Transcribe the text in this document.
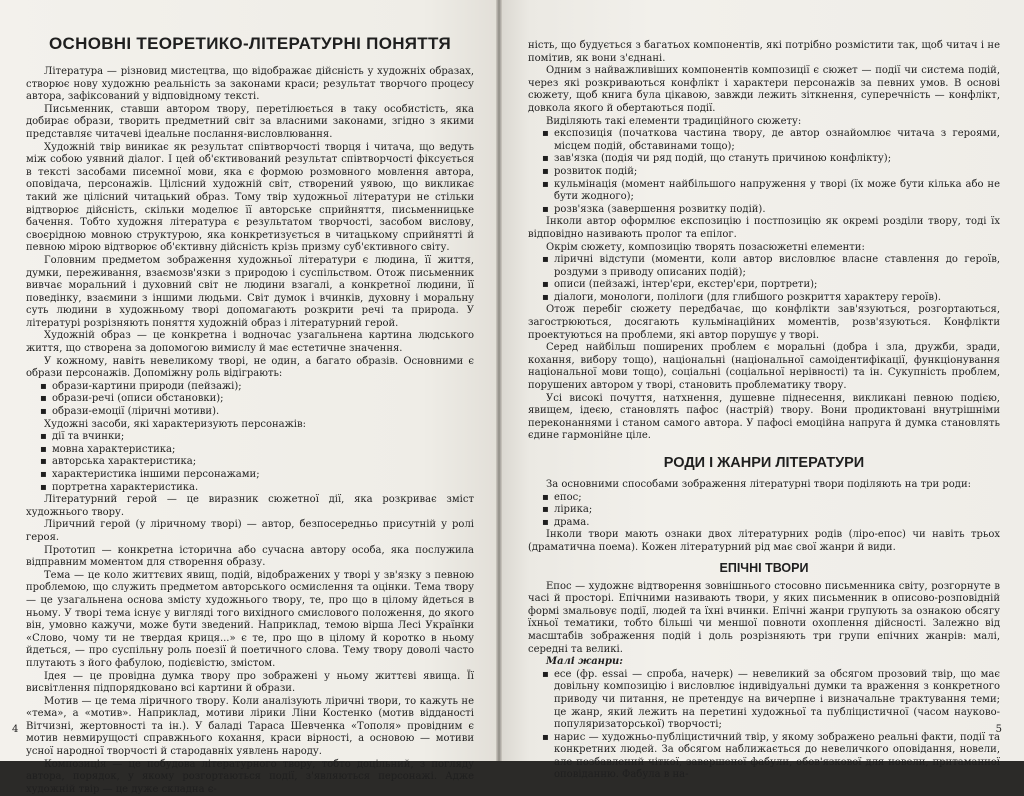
ОСНОВНІ ТЕОРЕТИКО-ЛІТЕРАТУРНІ ПОНЯТТЯ

Література — різновид мистецтва, що відображає дійсність у художніх образах, створює нову художню реальність за законами краси; результат творчого процесу автора, зафіксований у відповідному тексті.

Письменник, ставши автором твору, перетілюється в таку особистість, яка добирає образи, творить предметний світ за власними законами, згідно з якими представляє читачеві ідеальне послання-висловлювання.

Художній твір виникає як результат співтворчості творця і читача, що ведуть між собою уявний діалог. І цей об'єктивований результат співтворчості фіксується в тексті засобами писемної мови, яка є формою розмовного мовлення автора, оповідача, персонажів. Цілісний художній світ, створений уявою, що викликає такий же цілісний читацький образ. Тому твір художньої літератури не стільки відтворює дійсність, скільки моделює її авторське сприйняття, письменницьке бачення. Тобто художня література є результатом творчості, засобом вислову, своєрідною мовною структурою, яка конкретизується в читацькому сприйнятті й певною мірою відтворює об'єктивну дійсність крізь призму суб'єктивного світу.

Головним предметом зображення художньої літератури є людина, її життя, думки, переживання, взаємозв'язки з природою і суспільством. Отож письменник вивчає моральний і духовний світ не людини взагалі, а конкретної людини, її поведінку, взаємини з іншими людьми. Світ думок і вчинків, духовну і моральну суть людини в художньому творі допомагають розкрити речі та природа. У літературі розрізняють поняття художній образ і літературний герой.

Художній образ — це конкретна і водночас узагальнена картина людського життя, що створена за допомогою вимислу й має естетичне значення.

У кожному, навіть невеликому творі, не один, а багато образів. Основними є образи персонажів. Допоміжну роль відіграють:

▪ образи-картини природи (пейзажі);
▪ образи-речі (описи обстановки);
▪ образи-емоції (ліричні мотиви).

Художні засоби, які характеризують персонажів:

▪ дії та вчинки;
▪ мовна характеристика;
▪ авторська характеристика;
▪ характеристика іншими персонажами;
▪ портретна характеристика.

Літературний герой — це виразник сюжетної дії, яка розкриває зміст художнього твору.

Ліричний герой (у ліричному творі) — автор, безпосередньо присутній у ролі героя.

Прототип — конкретна історична або сучасна автору особа, яка послужила відправним моментом для створення образу.

Тема — це коло життєвих явищ, подій, відображених у творі у зв'язку з певною проблемою, що служить предметом авторського осмислення та оцінки. Тема твору — це узагальнена основа змісту художнього твору, те, про що в цілому йдеться в ньому. У творі тема існує у вигляді того вихідного смислового положення, до якого він, умовно кажучи, може бути зведений. Наприклад, темою вірша Лесі Українки «Слово, чому ти не твердая криця...» є те, про що в цілому й коротко в ньому йдеться, — про суспільну роль поезії й поетичного слова. Тему твору доволі часто плутають з його фабулою, подієвістю, змістом.

Ідея — це провідна думка твору про зображені у ньому життєві явища. Її висвітлення підпорядковано всі картини й образи.

Мотив — це тема ліричного твору. Коли аналізують ліричні твори, то кажуть не «тема», а «мотив». Наприклад, мотиви лірики Ліни Костенко (мотив відданості Вітчизні, жертовності та ін.). У баладі Тараса Шевченка «Тополя» провідним є мотив невмирущості справжнього кохання, краси вірності, а основою — мотиви усної народної творчості й стародавніх уявлень народу.

Композиція — це побудова літературного твору, тобто доцільний, з погляду автора, порядок, у якому розгортаються події, з'являються персонажі. Адже художній твір — це дуже складна є-

4

ність, що будується з багатьох компонентів, які потрібно розмістити так, щоб читач і не помітив, як вони з'єднані.

Одним з найважливіших компонентів композиції є сюжет — події чи система подій, через які розкриваються конфлікт і характери персонажів за певних умов. В основі сюжету, щоб книга була цікавою, завжди лежить зіткнення, суперечність — конфлікт, довкола якого й обертаються події.

Виділяють такі елементи традиційного сюжету:

▪ експозиція (початкова частина твору, де автор ознайомлює читача з героями, місцем подій, обставинами тощо);
▪ зав'язка (подія чи ряд подій, що стануть причиною конфлікту);
▪ розвиток подій;
▪ кульмінація (момент найбільшого напруження у творі (їх може бути кілька або не бути жодного);
▪ розв'язка (завершення розвитку подій).

Інколи автор оформлює експозицію і постпозицію як окремі розділи твору, тоді їх відповідно називають пролог та епілог.

Окрім сюжету, композицію творять позасюжетні елементи:

▪ ліричні відступи (моменти, коли автор висловлює власне ставлення до героїв, роздуми з приводу описаних подій);
▪ описи (пейзажі, інтер'єри, екстер'єри, портрети);
▪ діалоги, монологи, полілоги (для глибшого розкриття характеру героїв).

Отож перебіг сюжету передбачає, що конфлікти зав'язуються, розгортаються, загострюються, досягають кульмінаційних моментів, розв'язуються. Конфлікти проектуються на проблеми, які автор порушує у творі.

Серед найбільш поширених проблем є моральні (добра і зла, дружби, зради, кохання, вибору тощо), національні (національної самоідентифікації, функціонування національної мови тощо), соціальні (соціальної нерівності) та ін. Сукупність проблем, порушених автором у творі, становить проблематику твору.

Усі високі почуття, натхнення, душевне піднесення, викликані певною подією, явищем, ідеєю, становлять пафос (настрій) твору. Вони продиктовані внутрішніми переконаннями і станом самого автора. У пафосі емоційна напруга й думка становлять єдине гармонійне ціле.

РОДИ І ЖАНРИ ЛІТЕРАТУРИ

За основними способами зображення літературні твори поділяють на три роди:

▪ епос;
▪ лірика;
▪ драма.

Інколи твори мають ознаки двох літературних родів (ліро-епос) чи навіть трьох (драматична поема). Кожен літературний рід має свої жанри й види.

ЕПІЧНІ ТВОРИ

Епос — художнє відтворення зовнішнього стосовно письменника світу, розгорнуте в часі й просторі. Епічними називають твори, у яких письменник в описово-розповідній формі змальовує події, людей та їхні вчинки. Епічні жанри групують за ознакою обсягу їхньої тематики, тобто більші чи меншої повноти охоплення дійсності. Залежно від масштабів зображення подій і доль розрізняють три групи епічних жанрів: малі, середні та великі.

Малі жанри:
▪ есе (фр. essai — спроба, начерк) — невеликий за обсягом прозовий твір, що має довільну композицію і висловлює індивідуальні думки та враження з конкретного приводу чи питання, не претендує на вичерпне і визначальне трактування теми; це жанр, який лежить на перетині художньої та публіцистичної (часом науково-популяризаторської) творчості;
▪ нарис — художньо-публіцистичний твір, у якому зображено реальні факти, події та конкретних людей. За обсягом наближається до невеличкого оповідання, новели, але позбавлений чіткої, завершеної фабули, обов'язкової для новели, притаманної оповіданню. Фабула в на-
5
